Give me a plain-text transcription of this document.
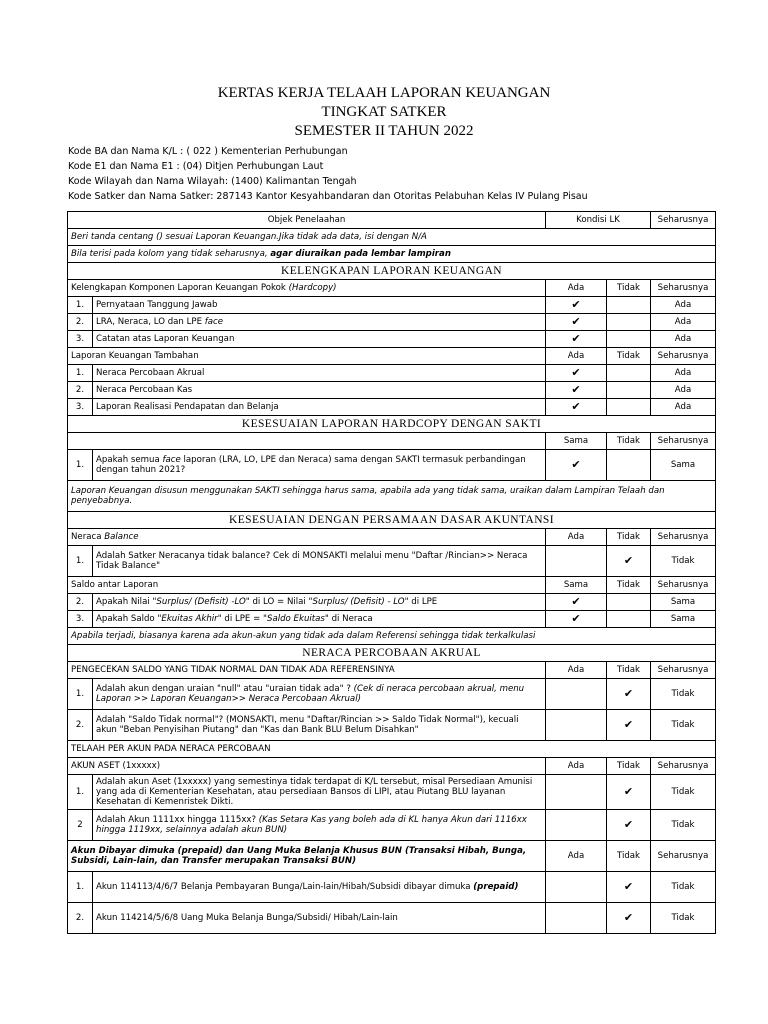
KERTAS KERJA TELAAH LAPORAN KEUANGAN
TINGKAT SATKER
SEMESTER II TAHUN 2022
Kode BA dan Nama K/L : ( 022 ) Kementerian Perhubungan
Kode E1 dan Nama E1 : (04) Ditjen Perhubungan Laut
Kode Wilayah dan Nama Wilayah: (1400) Kalimantan Tengah
Kode Satker dan Nama Satker: 287143 Kantor Kesyahbandaran dan Otoritas Pelabuhan Kelas IV Pulang Pisau
Objek Penelaahan		Kondisi LK		Seharusnya
Beri tanda centang () sesuai Laporan Keuangan.Jika tidak ada data, isi dengan N/A				
Bila terisi pada kolom yang tidak seharusnya, agar diuraikan pada lembar lampiran				
KELENGKAPAN LAPORAN KEUANGAN				
Kelengkapan Komponen Laporan Keuangan Pokok (Hardcopy)		Ada	Tidak	Seharusnya
1.	Pernyataan Tanggung Jawab	✔		Ada
2.	LRA, Neraca, LO dan LPE face	✔		Ada
3.	Catatan atas Laporan Keuangan	✔		Ada
Laporan Keuangan Tambahan		Ada	Tidak	Seharusnya
1.	Neraca Percobaan Akrual	✔		Ada
2.	Neraca Percobaan Kas	✔		Ada
3.	Laporan Realisasi Pendapatan dan Belanja	✔		Ada
KESESUAIAN LAPORAN HARDCOPY DENGAN SAKTI				
		Sama	Tidak	Seharusnya
1.	Apakah semua face laporan (LRA, LO, LPE dan Neraca) sama dengan SAKTI termasuk perbandingan dengan tahun 2021?	✔		Sama
Laporan Keuangan disusun menggunakan SAKTI sehingga harus sama, apabila ada yang tidak sama, uraikan dalam Lampiran Telaah dan penyebabnya.				
KESESUAIAN DENGAN PERSAMAAN DASAR AKUNTANSI				
Neraca Balance		Ada	Tidak	Seharusnya
1.	Adalah Satker Neracanya tidak balance? Cek di MONSAKTI melalui menu "Daftar /Rincian>> Neraca Tidak Balance"		✔	Tidak
Saldo antar Laporan		Sama	Tidak	Seharusnya
2.	Apakah Nilai "Surplus/ (Defisit) -LO" di LO = Nilai "Surplus/ (Defisit) - LO" di LPE	✔		Sama
3.	Apakah Saldo "Ekuitas Akhir" di LPE = "Saldo Ekuitas" di Neraca	✔		Sama
Apabila terjadi, biasanya karena ada akun-akun yang tidak ada dalam Referensi sehingga tidak terkalkulasi				
NERACA PERCOBAAN AKRUAL				
PENGECEKAN SALDO YANG TIDAK NORMAL DAN TIDAK ADA REFERENSINYA		Ada	Tidak	Seharusnya
1.	Adalah akun dengan uraian "null" atau "uraian tidak ada" ? (Cek di neraca percobaan akrual, menu Laporan >> Laporan Keuangan>> Neraca Percobaan Akrual)		✔	Tidak
2.	Adalah "Saldo Tidak normal"? (MONSAKTI, menu "Daftar/Rincian >> Saldo Tidak Normal"), kecuali akun "Beban Penyisihan Piutang" dan "Kas dan Bank BLU Belum Disahkan"		✔	Tidak
TELAAH PER AKUN PADA NERACA PERCOBAAN				
AKUN ASET (1xxxxx)		Ada	Tidak	Seharusnya
1.	Adalah akun Aset (1xxxxx) yang semestinya tidak terdapat di K/L tersebut, misal Persediaan Amunisi yang ada di Kementerian Kesehatan, atau persediaan Bansos di LIPI, atau Piutang BLU layanan Kesehatan di Kemenristek Dikti.		✔	Tidak
2	Adalah Akun 1111xx hingga 1115xx? (Kas Setara Kas yang boleh ada di KL hanya Akun dari 1116xx hingga 1119xx, selainnya adalah akun BUN)		✔	Tidak
Akun Dibayar dimuka (prepaid) dan Uang Muka Belanja Khusus BUN (Transaksi Hibah, Bunga, Subsidi, Lain-lain, dan Transfer merupakan Transaksi BUN)		Ada	Tidak	Seharusnya
1.	Akun 114113/4/6/7 Belanja Pembayaran Bunga/Lain-lain/Hibah/Subsidi dibayar dimuka (prepaid)		✔	Tidak
2.	Akun 114214/5/6/8 Uang Muka Belanja Bunga/Subsidi/ Hibah/Lain-lain		✔	Tidak
